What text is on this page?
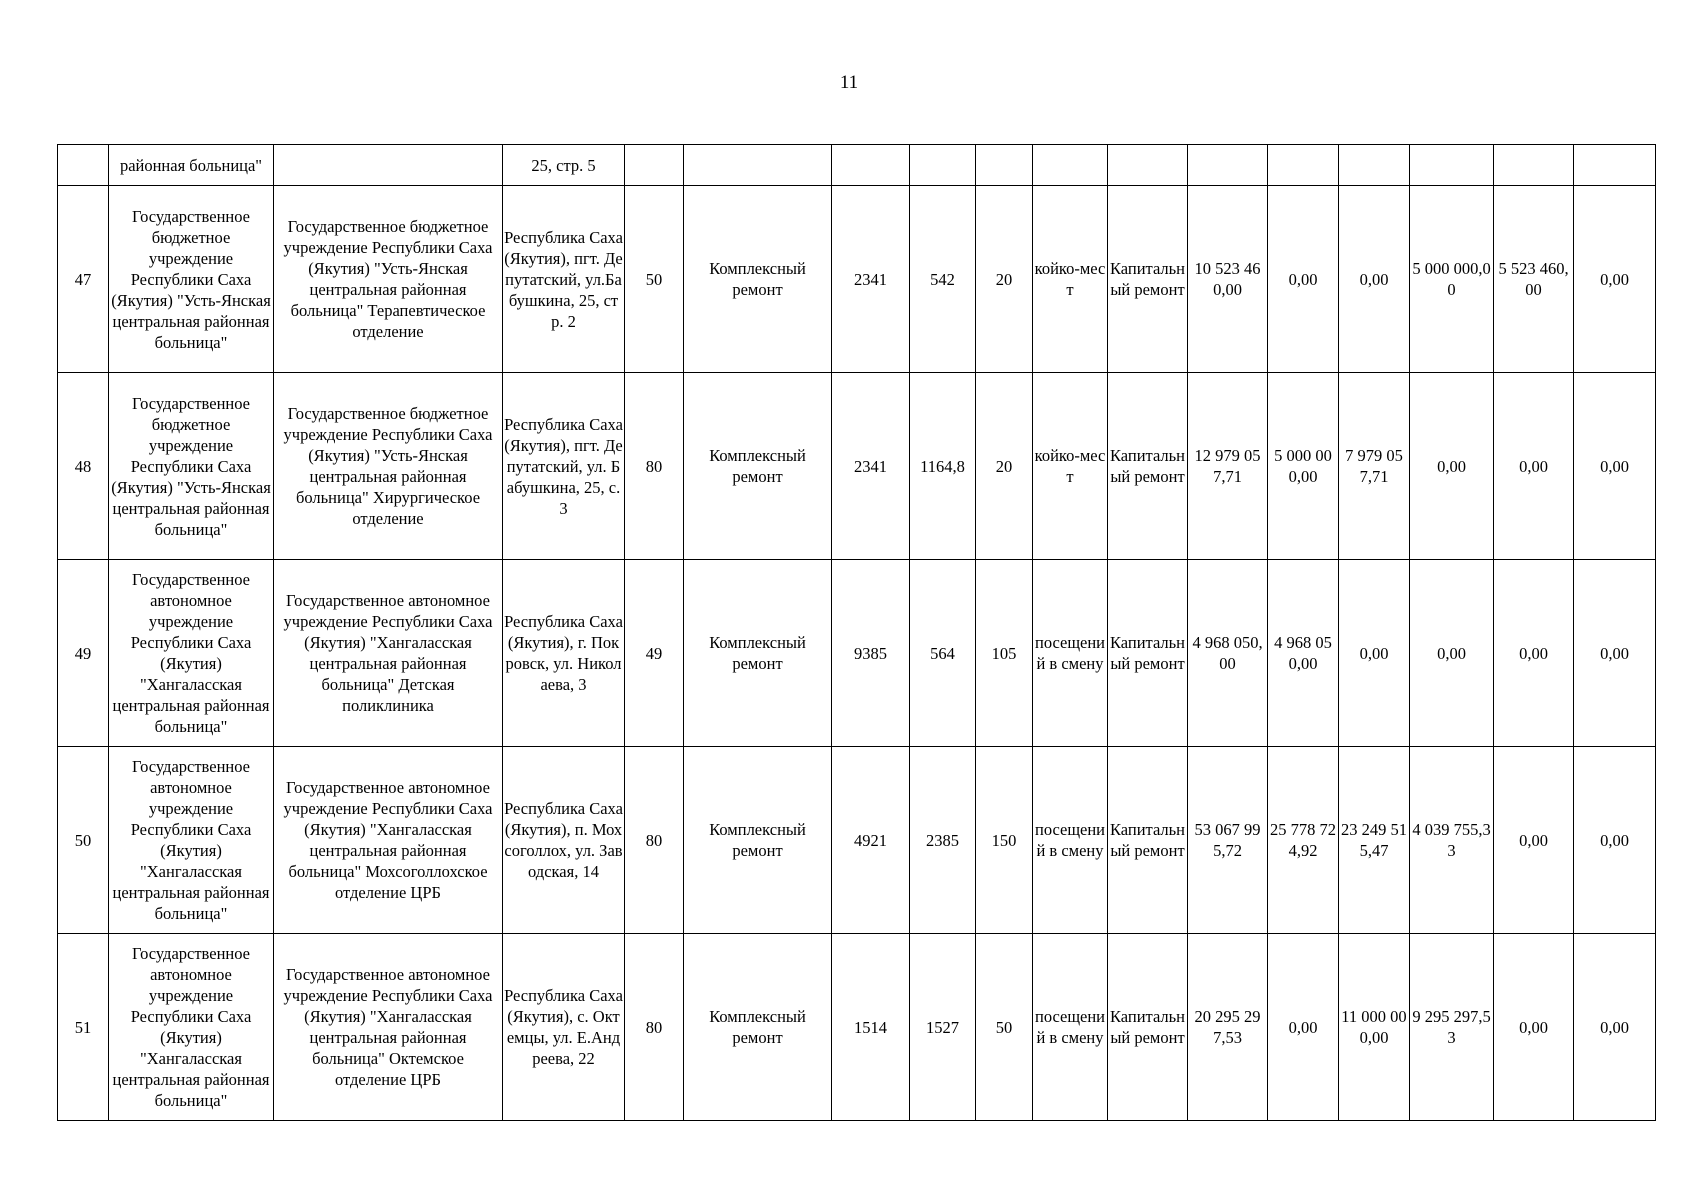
11
	районная больница"		25, стр. 5													
47	Государственное бюджетное учреждение Республики Саха (Якутия) "Усть-Янская центральная районная больница"	Государственное бюджетное учреждение Республики Саха (Якутия) "Усть-Янская центральная районная больница" Терапевтическое отделение	Республика Саха (Якутия), пгт. Депутатский, ул.Бабушкина, 25, стр. 2	50	Комплексный ремонт	2341	542	20	койко-мест	Капитальный ремонт	10 523 460,00	0,00	0,00	5 000 000,00	5 523 460,00	0,00
48	Государственное бюджетное учреждение Республики Саха (Якутия) "Усть-Янская центральная районная больница"	Государственное бюджетное учреждение Республики Саха (Якутия) "Усть-Янская центральная районная больница" Хирургическое отделение	Республика Саха (Якутия), пгт. Депутатский, ул. Бабушкина, 25, с.3	80	Комплексный ремонт	2341	1164,8	20	койко-мест	Капитальный ремонт	12 979 057,71	5 000 000,00	7 979 057,71	0,00	0,00	0,00
49	Государственное автономное учреждение Республики Саха (Якутия) "Хангаласская центральная районная больница"	Государственное автономное учреждение Республики Саха (Якутия) "Хангаласская центральная районная больница" Детская поликлиника	Республика Саха (Якутия), г. Покровск, ул. Николаева, 3	49	Комплексный ремонт	9385	564	105	посещений в смену	Капитальный ремонт	4 968 050,00	4 968 050,00	0,00	0,00	0,00	0,00
50	Государственное автономное учреждение Республики Саха (Якутия) "Хангаласская центральная районная больница"	Государственное автономное учреждение Республики Саха (Якутия) "Хангаласская центральная районная больница" Мохсоголлохское отделение ЦРБ	Республика Саха (Якутия), п. Мохсоголлох, ул. Заводская, 14	80	Комплексный ремонт	4921	2385	150	посещений в смену	Капитальный ремонт	53 067 995,72	25 778 724,92	23 249 515,47	4 039 755,33	0,00	0,00
51	Государственное автономное учреждение Республики Саха (Якутия) "Хангаласская центральная районная больница"	Государственное автономное учреждение Республики Саха (Якутия) "Хангаласская центральная районная больница" Октемское отделение ЦРБ	Республика Саха (Якутия), с. Октемцы, ул. Е.Андреева, 22	80	Комплексный ремонт	1514	1527	50	посещений в смену	Капитальный ремонт	20 295 297,53	0,00	11 000 000,00	9 295 297,53	0,00	0,00
